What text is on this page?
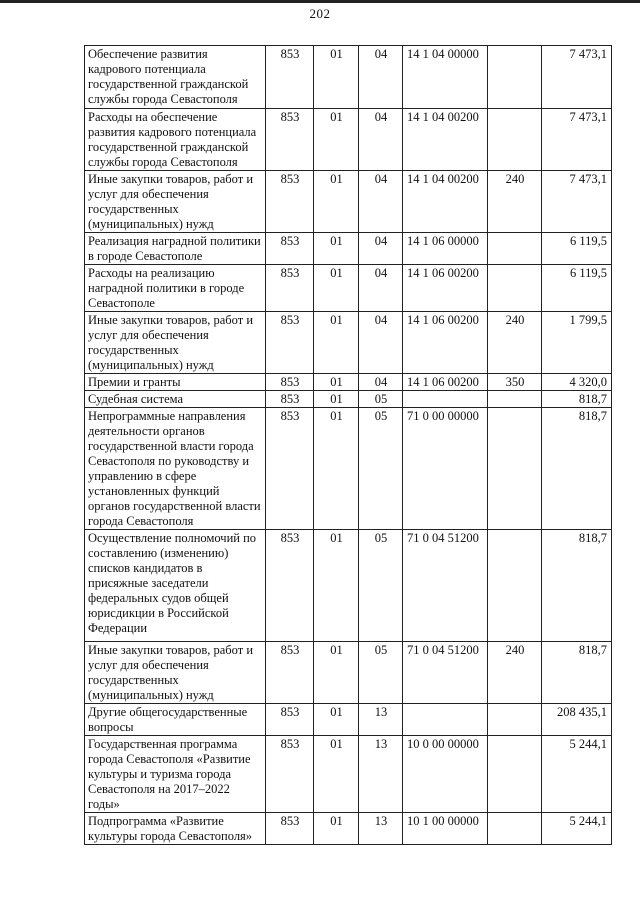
202
Обеспечение развития кадрового потенциала государственной гражданской службы города Севастополя	853	01	04	14 1 04 00000		7 473,1
Расходы на обеспечение развития кадрового потенциала государственной гражданской службы города Севастополя	853	01	04	14 1 04 00200		7 473,1
Иные закупки товаров, работ и услуг для обеспечения государственных (муниципальных) нужд	853	01	04	14 1 04 00200	240	7 473,1
Реализация наградной политики в городе Севастополе	853	01	04	14 1 06 00000		6 119,5
Расходы на реализацию наградной политики в городе Севастополе	853	01	04	14 1 06 00200		6 119,5
Иные закупки товаров, работ и услуг для обеспечения государственных (муниципальных) нужд	853	01	04	14 1 06 00200	240	1 799,5
Премии и гранты	853	01	04	14 1 06 00200	350	4 320,0
Судебная система	853	01	05			818,7
Непрограммные направления деятельности органов государственной власти города Севастополя по руководству и управлению в сфере установленных функций органов государственной власти города Севастополя	853	01	05	71 0 00 00000		818,7
Осуществление полномочий по составлению (изменению) списков кандидатов в присяжные заседатели федеральных судов общей юрисдикции в Российской Федерации	853	01	05	71 0 04 51200		818,7
Иные закупки товаров, работ и услуг для обеспечения государственных (муниципальных) нужд	853	01	05	71 0 04 51200	240	818,7
Другие общегосударственные вопросы	853	01	13			208 435,1
Государственная программа города Севастополя «Развитие культуры и туризма города Севастополя на 2017–2022 годы»	853	01	13	10 0 00 00000		5 244,1
Подпрограмма «Развитие культуры города Севастополя»	853	01	13	10 1 00 00000		5 244,1
